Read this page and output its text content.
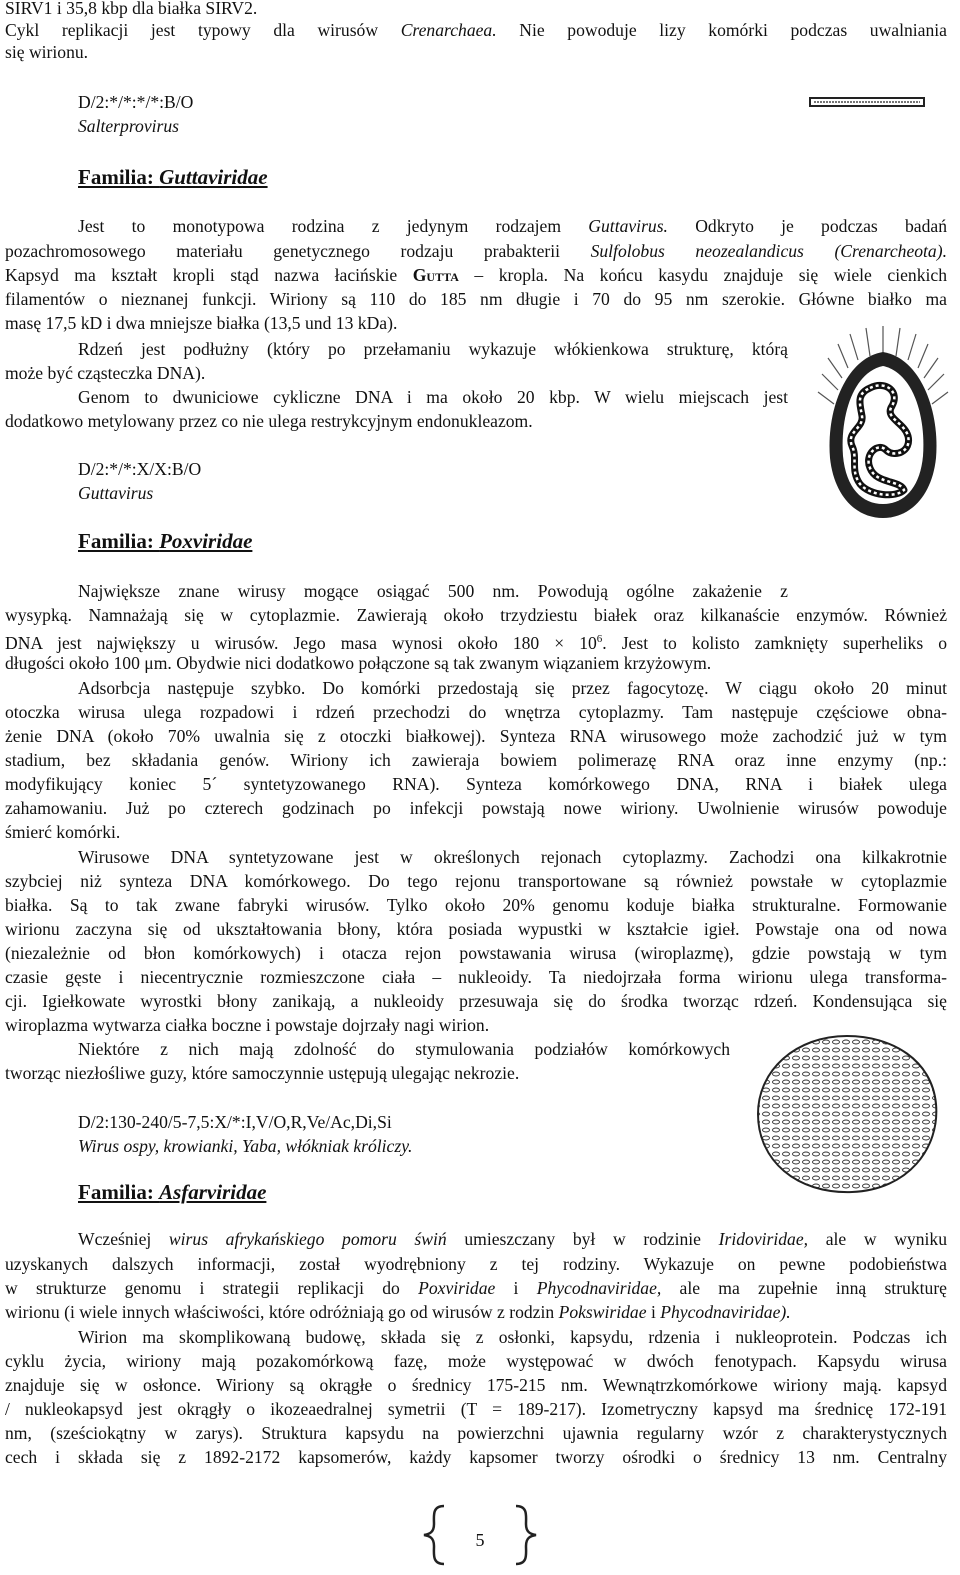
SIRV1 i 35,8 kbp dla białka SIRV2.
Cykl replikacji jest typowy dla wirusów Crenarchaea. Nie powoduje lizy komórki podczas uwalniania
się wirionu.
D/2:*/*:*/*:B/O
Salterprovirus
Familia: Guttaviridae
Jest to monotypowa rodzina z jedynym rodzajem Guttavirus. Odkryto je podczas badań
pozachromosowego materiału genetycznego rodzaju prabakterii Sulfolobus neozealandicus (Crenarcheota).
Kapsyd ma kształt kropli stąd nazwa łacińskie Gutta – kropla. Na końcu kasydu znajduje się wiele cienkich
filamentów o nieznanej funkcji. Wiriony są 110 do 185 nm długie i 70 do 95 nm szerokie. Główne białko ma
masę 17,5 kD i dwa mniejsze białka (13,5 und 13 kDa).
Rdzeń jest podłużny (który po przełamaniu wykazuje włókienkowa strukturę, którą
może być cząsteczka DNA).
Genom to dwuniciowe cykliczne DNA i ma około 20 kbp. W wielu miejscach jest
dodatkowo metylowany przez co nie ulega restrykcyjnym endonukleazom.
D/2:*/*:X/X:B/O
Guttavirus
Familia: Poxviridae
Największe znane wirusy mogące osiągać 500 nm. Powodują ogólne zakażenie z
wysypką. Namnażają się w cytoplazmie. Zawierają około trzydziestu białek oraz kilkanaście enzymów. Również
DNA jest największy u wirusów. Jego masa wynosi około $180 \times 10^6$. Jest to kolisto zamknięty superheliks o
długości około 100 μm. Obydwie nici dodatkowo połączone są tak zwanym wiązaniem krzyżowym.
Adsorbcja następuje szybko. Do komórki przedostają się przez fagocytozę. W ciągu około 20 minut
otoczka wirusa ulega rozpadowi i rdzeń przechodzi do wnętrza cytoplazmy. Tam następuje częściowe obna-
żenie DNA (około 70% uwalnia się z otoczki białkowej). Synteza RNA wirusowego może zachodzić już w tym
stadium, bez składania genów. Wiriony ich zawieraja bowiem polimerazę RNA oraz inne enzymy (np.:
modyfikujący koniec 5´ syntetyzowanego RNA). Synteza komórkowego DNA, RNA i białek ulega
zahamowaniu. Już po czterech godzinach po infekcji powstają nowe wiriony. Uwolnienie wirusów powoduje
śmierć komórki.
Wirusowe DNA syntetyzowane jest w określonych rejonach cytoplazmy. Zachodzi ona kilkakrotnie
szybciej niż synteza DNA komórkowego. Do tego rejonu transportowane są również powstałe w cytoplazmie
białka. Są to tak zwane fabryki wirusów. Tylko około 20% genomu koduje białka strukturalne. Formowanie
wirionu zaczyna się od ukształtowania błony, która posiada wypustki w kształcie igieł. Powstaje ona od nowa
(niezależnie od błon komórkowych) i otacza rejon powstawania wirusa (wiroplazmę), gdzie powstają w tym
czasie gęste i niecentrycznie rozmieszczone ciała – nukleoidy. Ta niedojrzała forma wirionu ulega transforma-
cji. Igiełkowate wyrostki błony zanikają, a nukleoidy przesuwaja się do środka tworząc rdzeń. Kondensująca się
wiroplazma wytwarza ciałka boczne i powstaje dojrzały nagi wirion.
Niektóre z nich mają zdolność do stymulowania podziałów komórkowych
tworząc niezłośliwe guzy, które samoczynnie ustępują ulegając nekrozie.
D/2:130-240/5-7,5:X/*:I,V/O,R,Ve/Ac,Di,Si
Wirus ospy, krowianki, Yaba, włókniak króliczy.
Familia: Asfarviridae
Wcześniej wirus afrykańskiego pomoru świń umieszczany był w rodzinie Iridoviridae, ale w wyniku
uzyskanych dalszych informacji, został wyodrębniony z tej rodziny. Wykazuje on pewne podobieństwa
w strukturze genomu i strategii replikacji do Poxviridae i Phycodnaviridae, ale ma zupełnie inną strukturę
wirionu (i wiele innych właściwości, które odróżniają go od wirusów z rodzin Pokswiridae i Phycodnaviridae).
Wirion ma skomplikowaną budowę, składa się z osłonki, kapsydu, rdzenia i nukleoprotein. Podczas ich
cyklu życia, wiriony mają pozakomórkową fazę, może występować w dwóch fenotypach. Kapsydu wirusa
znajduje się w osłonce. Wiriony są okrągłe o średnicy 175-215 nm. Wewnątrzkomórkowe wiriony mają. kapsyd
/ nukleokapsyd jest okrągły o ikozeaedralnej symetrii (T = 189-217). Izometryczny kapsyd ma średnicę 172-191
nm, (sześciokątny w zarys). Struktura kapsydu na powierzchni ujawnia regularny wzór z charakterystycznych
cech i składa się z 1892-2172 kapsomerów, każdy kapsomer tworzy ośrodki o średnicy 13 nm. Centralny
5
